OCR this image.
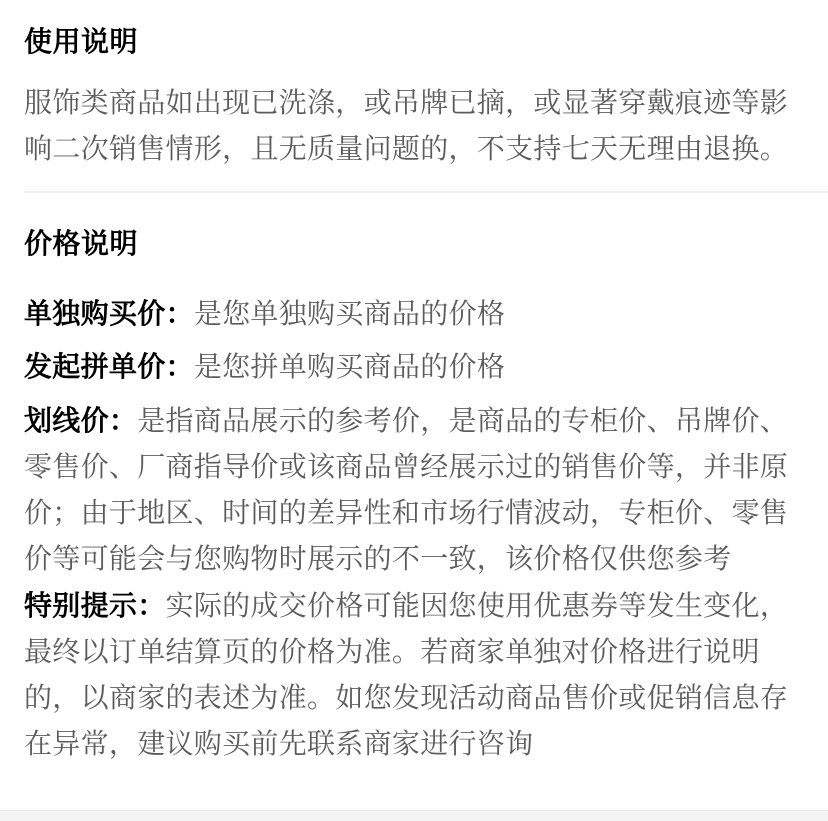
使用说明

服饰类商品如出现已洗涤，或吊牌已摘，或显著穿戴痕迹等影响二次销售情形，且无质量问题的，不支持七天无理由退换。

价格说明

单独购买价：是您单独购买商品的价格

发起拼单价：是您拼单购买商品的价格

划线价：是指商品展示的参考价，是商品的专柜价、吊牌价、零售价、厂商指导价或该商品曾经展示过的销售价等，并非原价；由于地区、时间的差异性和市场行情波动，专柜价、零售价等可能会与您购物时展示的不一致，该价格仅供您参考

特别提示：实际的成交价格可能因您使用优惠券等发生变化，最终以订单结算页的价格为准。若商家单独对价格进行说明的，以商家的表述为准。如您发现活动商品售价或促销信息存在异常，建议购买前先联系商家进行咨询
